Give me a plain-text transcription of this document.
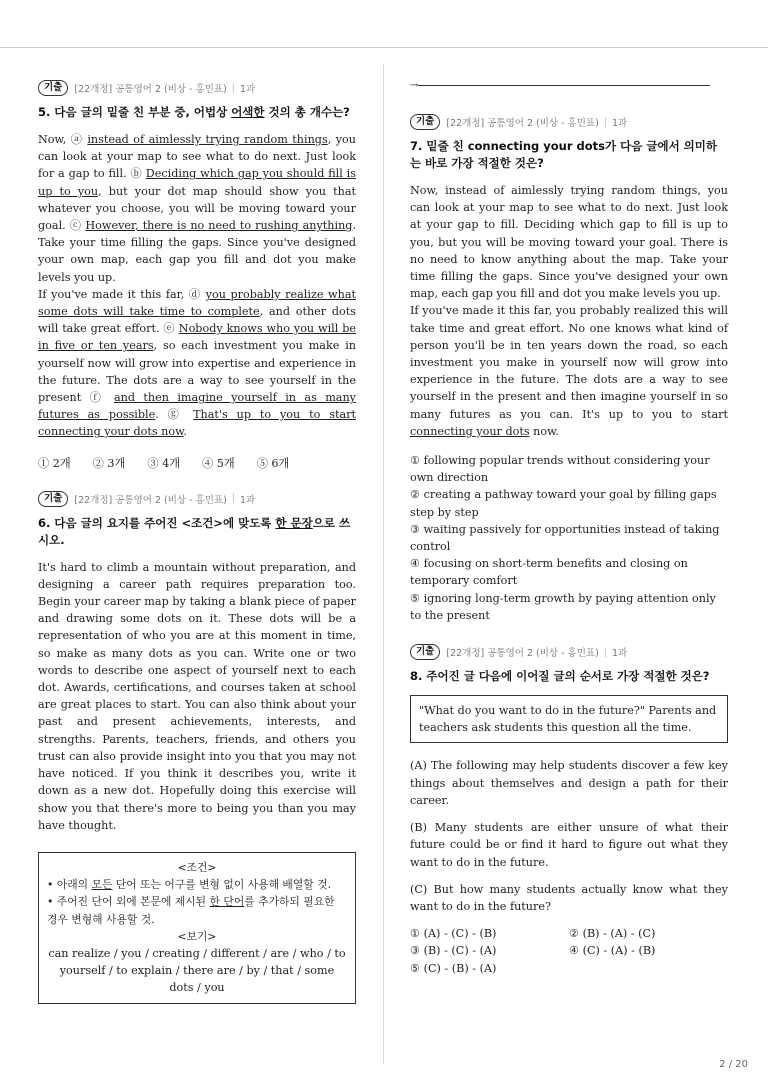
기출	[22개정] 공통영어 2 (비상 - 홍민표) | 1과
5. 다음 글의 밑줄 친 부분 중, 어법상 어색한 것의 총 개수는?

Now, ⓐ instead of aimlessly trying random things, you can look at your map to see what to do next. Just look for a gap to fill. ⓑ Deciding which gap you should fill is up to you, but your dot map should show you that whatever you choose, you will be moving toward your goal. ⓒ However, there is no need to rushing anything. Take your time filling the gaps. Since you've designed your own map, each gap you fill and dot you make levels you up.
If you've made it this far, ⓓ you probably realize what some dots will take time to complete, and other dots will take great effort. ⓔ Nobody knows who you will be in five or ten years, so each investment you make in yourself now will grow into expertise and experience in the future. The dots are a way to see yourself in the present ⓕ and then imagine yourself in as many futures as possible. ⓖ That's up to you to start connecting your dots now.

① 2개 ② 3개 ③ 4개 ④ 5개 ⑤ 6개
기출	[22개정] 공통영어 2 (비상 - 홍민표) | 1과
6. 다음 글의 요지를 주어진 <조건>에 맞도록 한 문장으로 쓰시오.

It's hard to climb a mountain without preparation, and designing a career path requires preparation too. Begin your career map by taking a blank piece of paper and drawing some dots on it. These dots will be a representation of who you are at this moment in time, so make as many dots as you can. Write one or two words to describe one aspect of yourself next to each dot. Awards, certifications, and courses taken at school are great places to start. You can also think about your past and present achievements, interests, and strengths. Parents, teachers, friends, and others you trust can also provide insight into you that you may not have noticed. If you think it describes you, write it down as a new dot. Hopefully doing this exercise will show you that there's more to being you than you may have thought.

<조건>
• 아래의 모든 단어 또는 어구를 변형 없이 사용해 배열할 것.
• 주어진 단어 외에 본문에 제시된 한 단어를 추가하되 필요한 경우 변형해 사용할 것.
<보기>
can realize / you / creating / different / are / who / to yourself / to explain / there are / by / that / some dots / you
→
기출	[22개정] 공통영어 2 (비상 - 홍민표) | 1과
7. 밑줄 친 connecting your dots가 다음 글에서 의미하는 바로 가장 적절한 것은?

Now, instead of aimlessly trying random things, you can look at your map to see what to do next. Just look at your gap to fill. Deciding which gap to fill is up to you, but you will be moving toward your goal. There is no need to know anything about the map. Take your time filling the gaps. Since you've designed your own map, each gap you fill and dot you make levels you up.
If you've made it this far, you probably realized this will take time and great effort. No one knows what kind of person you'll be in ten years down the road, so each investment you make in yourself now will grow into experience in the future. The dots are a way to see yourself in the present and then imagine yourself in so many futures as you can. It's up to you to start connecting your dots now.

① following popular trends without considering your own direction
② creating a pathway toward your goal by filling gaps step by step
③ waiting passively for opportunities instead of taking control
④ focusing on short-term benefits and closing on temporary comfort
⑤ ignoring long-term growth by paying attention only to the present
기출	[22개정] 공통영어 2 (비상 - 홍민표) | 1과
8. 주어진 글 다음에 이어질 글의 순서로 가장 적절한 것은?
"What do you want to do in the future?" Parents and teachers ask students this question all the time.

(A) The following may help students discover a few key things about themselves and design a path for their career.

(B) Many students are either unsure of what their future could be or find it hard to figure out what they want to do in the future.

(C) But how many students actually know what they want to do in the future?

① (A) - (C) - (B)	② (B) - (A) - (C)
③ (B) - (C) - (A)	④ (C) - (A) - (B)
⑤ (C) - (B) - (A)
2 / 20
